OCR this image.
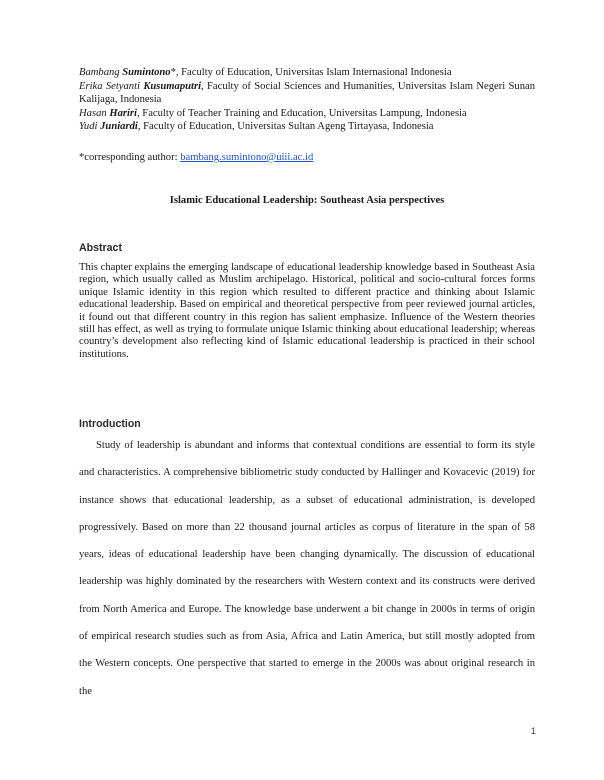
Bambang Sumintono*, Faculty of Education, Universitas Islam Internasional Indonesia

Erika Setyanti Kusumaputri, Faculty of Social Sciences and Humanities, Universitas Islam Negeri Sunan Kalijaga, Indonesia

Hasan Hariri, Faculty of Teacher Training and Education, Universitas Lampung, Indonesia

Yudi Juniardi, Faculty of Education, Universitas Sultan Ageng Tirtayasa, Indonesia

*corresponding author: bambang.sumintono@uiii.ac.id
Islamic Educational Leadership: Southeast Asia perspectives
Abstract

This chapter explains the emerging landscape of educational leadership knowledge based in Southeast Asia region, which usually called as Muslim archipelago. Historical, political and socio-cultural forces forms unique Islamic identity in this region which resulted to different practice and thinking about Islamic educational leadership. Based on empirical and theoretical perspective from peer reviewed journal articles, it found out that different country in this region has salient emphasize. Influence of the Western theories still has effect, as well as trying to formulate unique Islamic thinking about educational leadership; whereas country’s development also reflecting kind of Islamic educational leadership is practiced in their school institutions.

Introduction

Study of leadership is abundant and informs that contextual conditions are essential to form its style and characteristics. A comprehensive bibliometric study conducted by Hallinger and Kovacevic (2019) for instance shows that educational leadership, as a subset of educational administration, is developed progressively. Based on more than 22 thousand journal articles as corpus of literature in the span of 58 years, ideas of educational leadership have been changing dynamically. The discussion of educational leadership was highly dominated by the researchers with Western context and its constructs were derived from North America and Europe. The knowledge base underwent a bit change in 2000s in terms of origin of empirical research studies such as from Asia, Africa and Latin America, but still mostly adopted from the Western concepts. One perspective that started to emerge in the 2000s was about original research in the

1
